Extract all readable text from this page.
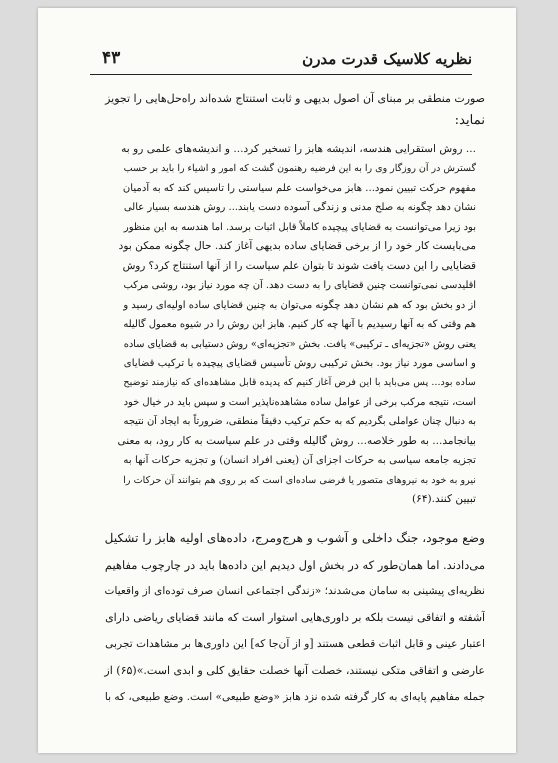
نظریه کلاسیک قدرت مدرن
۴۳
صورت منطقی بر مبنای آن اصول بدیهی و ثابت استنتاج شده‌اند راه‌حل‌هایی را تجویز
نماید:
... روش استقرایی هندسه، اندیشه هابز را تسخیر کرد... و اندیشه‌های علمی رو به
گسترش در آن روزگار وی را به این فرضیه رهنمون گشت که امور و اشیاء را باید بر حسب
مفهوم حرکت تبیین نمود... هابز می‌خواست علم سیاستی را تاسیس کند که به آدمیان
نشان دهد چگونه به صلح مدنی و زندگی آسوده دست یابند... روش هندسه بسیار عالی
بود زیرا می‌توانست به قضایای پیچیده کاملاً قابل اثبات برسد. اما هندسه به این منظور
می‌بایست کار خود را از برخی قضایای ساده بدیهی آغاز کند. حال چگونه ممکن بود
قضایایی را این دست یافت شوند تا بتوان علم سیاست را از آنها استنتاج کرد؟ روش
اقلیدسی نمی‌توانست چنین قضایای را به دست دهد. آن چه مورد نیاز بود، روشی مرکب
از دو بخش بود که هم نشان دهد چگونه می‌توان به چنین قضایای ساده اولیه‌ای رسید و
هم وقتی که به آنها رسیدیم با آنها چه کار کنیم. هابز این روش را در شیوه معمول گالیله
یعنی روش «تجزیه‌ای ـ ترکیبی» یافت. بخش «تجزیه‌ای» روش دستیابی به قضایای ساده
و اساسی مورد نیاز بود. بخش ترکیبی روش تأسیس قضایای پیچیده با ترکیب قضایای
ساده بود... پس می‌باید با این فرض آغاز کنیم که پدیده قابل مشاهده‌ای که نیازمند توضیح
است، نتیجه مرکب برخی از عوامل ساده مشاهده‌ناپذیر است و سپس باید در خیال خود
به دنبال چنان عواملی بگردیم که به حکم ترکیب دقیقاً منطقی، ضرورتاً به ایجاد آن نتیجه
بیانجامد... به طور خلاصه... روش گالیله وقتی در علم سیاست به کار رود، به معنی
تجزیه جامعه سیاسی به حرکات اجزای آن (یعنی افراد انسان) و تجزیه حرکات آنها به
نیرو به خود به نیروهای متصور یا فرضی ساده‌ای است که بر روی هم بتوانند آن حرکات را
تبیین کنند.(۶۴)
وضع موجود، جنگ داخلی و آشوب و هرج‌ومرج، داده‌های اولیه هابز را تشکیل
می‌دادند. اما همان‌طور که در بخش اول دیدیم این داده‌ها باید در چارچوب مفاهیم
نظریه‌ای پیشینی به سامان می‌شدند؛ «زندگی اجتماعی انسان صرف توده‌ای از واقعیات
آشفته و اتفاقی نیست بلکه بر داوری‌هایی استوار است که مانند قضایای ریاضی دارای
اعتبار عینی و قابل اثبات قطعی هستند [و از آن‌جا که] این داوری‌ها بر مشاهدات تجربی
عارضی و اتفاقی متکی نیستند، خصلت آنها خصلت حقایق کلی و ابدی است.»(۶۵) از
جمله مفاهیم پایه‌ای به کار گرفته شده نزد هابز «وضع طبیعی» است. وضع طبیعی، که با
